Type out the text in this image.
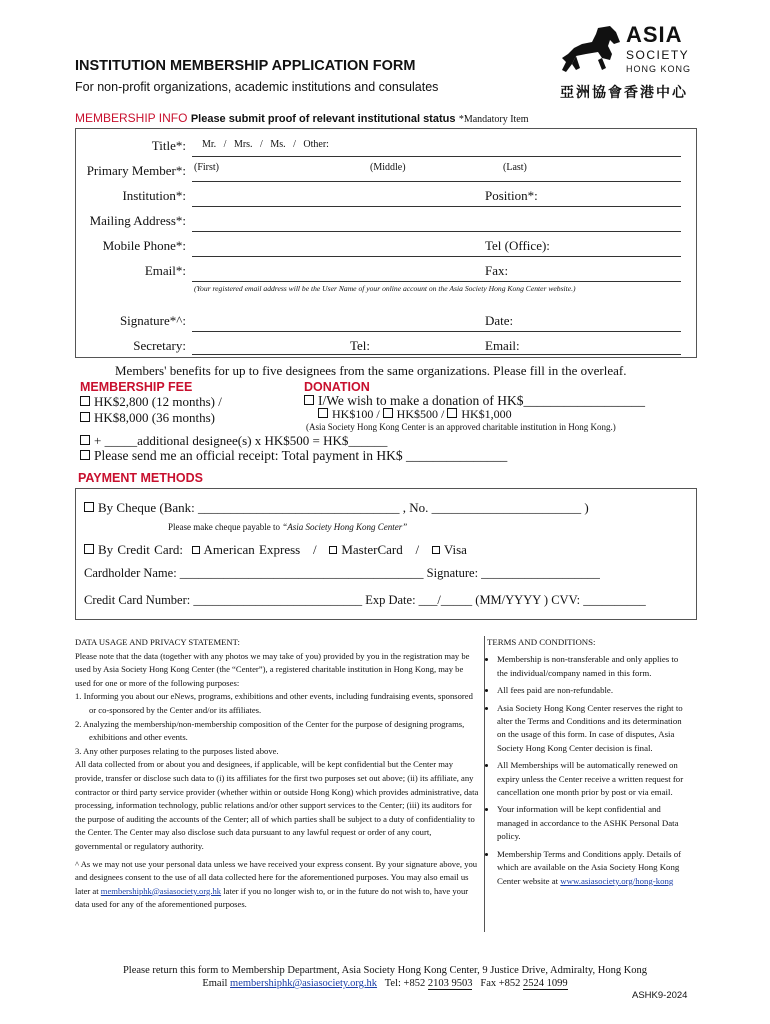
INSTITUTION MEMBERSHIP APPLICATION FORM
For non-profit organizations, academic institutions and consulates
ASIA
SOCIETY
HONG KONG
亞洲協會香港中心
MEMBERSHIP INFO Please submit proof of relevant institutional status *Mandatory Item
Title*: Mr.   /   Mrs.   /   Ms.   /   Other:
Primary Member*: (First)	(Middle)	(Last)
Institution*:	Position*:
Mailing Address*:
Mobile Phone*:	Tel (Office):
Email*:	Fax:
(Your registered email address will be the User Name of your online account on the Asia Society Hong Kong Center website.)
Signature*^:	Date:
Secretary:	Tel:	Email:
Members' benefits for up to five designees from the same organizations. Please fill in the overleaf.
MEMBERSHIP FEE
HK$2,800 (12 months) /
HK$8,000 (36 months)
DONATION
I/We wish to make a donation of HK$__________________
HK$100 / HK$500 / HK$1,000
(Asia Society Hong Kong Center is an approved charitable institution in Hong Kong.)
+ _____additional designee(s) x HK$500 = HK$______
Please send me an official receipt: Total payment in HK$ _______________
PAYMENT METHODS
By Cheque (Bank: _______________________________ , No. _______________________ )
Please make cheque payable to “Asia Society Hong Kong Center”
By Credit Card: American Express / MasterCard / Visa
Cardholder Name: _______________________________________ Signature: ___________________
Credit Card Number: ___________________________ Exp Date: ___/_____ (MM/YYYY ) CVV: __________

DATA USAGE AND PRIVACY STATEMENT:

Please note that the data (together with any photos we may take of you) provided by you in the registration may be used by Asia Society Hong Kong Center (the “Center”), a registered charitable institution in Hong Kong, may be used for one or more of the following purposes:

1. Informing you about our eNews, programs, exhibitions and other events, including fundraising events, sponsored or co-sponsored by the Center and/or its affiliates.

2. Analyzing the membership/non-membership composition of the Center for the purpose of designing programs, exhibitions and other events.

3. Any other purposes relating to the purposes listed above.

All data collected from or about you and designees, if applicable, will be kept confidential but the Center may provide, transfer or disclose such data to (i) its affiliates for the first two purposes set out above; (ii) its affiliate, any contractor or third party service provider (whether within or outside Hong Kong) which provides administrative, data processing, information technology, public relations and/or other support services to the Center; (iii) its auditors for the purpose of auditing the accounts of the Center; all of which parties shall be subject to a duty of confidentiality to the Center. The Center may also disclose such data pursuant to any lawful request or order of any court, governmental or regulatory authority.

^ As we may not use your personal data unless we have received your express consent. By your signature above, you and designees consent to the use of all data collected here for the aforementioned purposes. You may also email us later at membershiphk@asiasociety.org.hk later if you no longer wish to, or in the future do not wish to, have your data used for any of the aforementioned purposes.

TERMS AND CONDITIONS:

• Membership is non-transferable and only applies to the individual/company named in this form.
• All fees paid are non-refundable.
• Asia Society Hong Kong Center reserves the right to alter the Terms and Conditions and its determination on the usage of this form. In case of disputes, Asia Society Hong Kong Center decision is final.
• All Memberships will be automatically renewed on expiry unless the Center receive a written request for cancellation one month prior by post or via email.
• Your information will be kept confidential and managed in accordance to the ASHK Personal Data policy.
• Membership Terms and Conditions apply. Details of which are available on the Asia Society Hong Kong Center website at www.asiasociety.org/hong-kong
Please return this form to Membership Department, Asia Society Hong Kong Center, 9 Justice Drive, Admiralty, Hong Kong
Email membershiphk@asiasociety.org.hk Tel: +852 2103 9503 Fax +852 2524 1099
ASHK9-2024
